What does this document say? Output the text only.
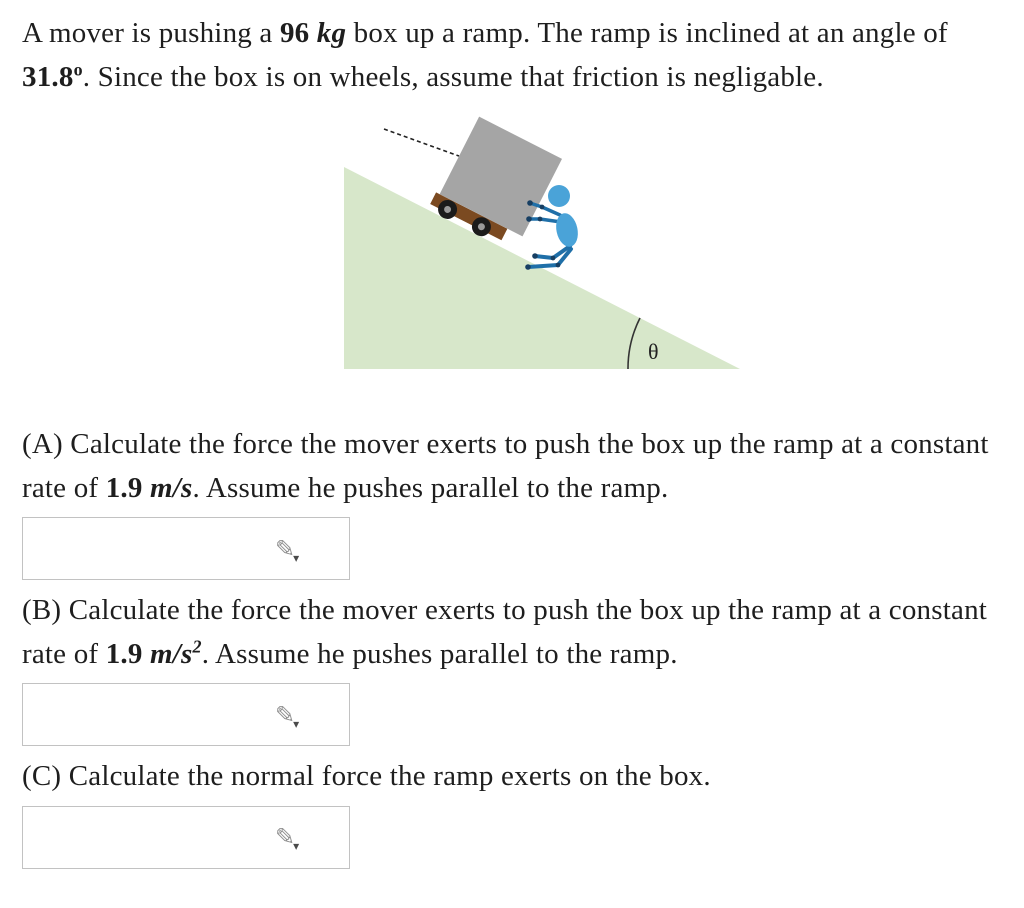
A mover is pushing a 96 kg box up a ramp. The ramp is inclined at an angle of 31.8$^o$. Since the box is on wheels, assume that friction is negligable.

θ

(A) Calculate the force the mover exerts to push the box up the ramp at a constant rate of 1.9 m/s. Assume he pushes parallel to the ramp.

✎
▾

(B) Calculate the force the mover exerts to push the box up the ramp at a constant rate of 1.9 $m/s^2$. Assume he pushes parallel to the ramp.

✎
▾

(C) Calculate the normal force the ramp exerts on the box.

✎
▾
